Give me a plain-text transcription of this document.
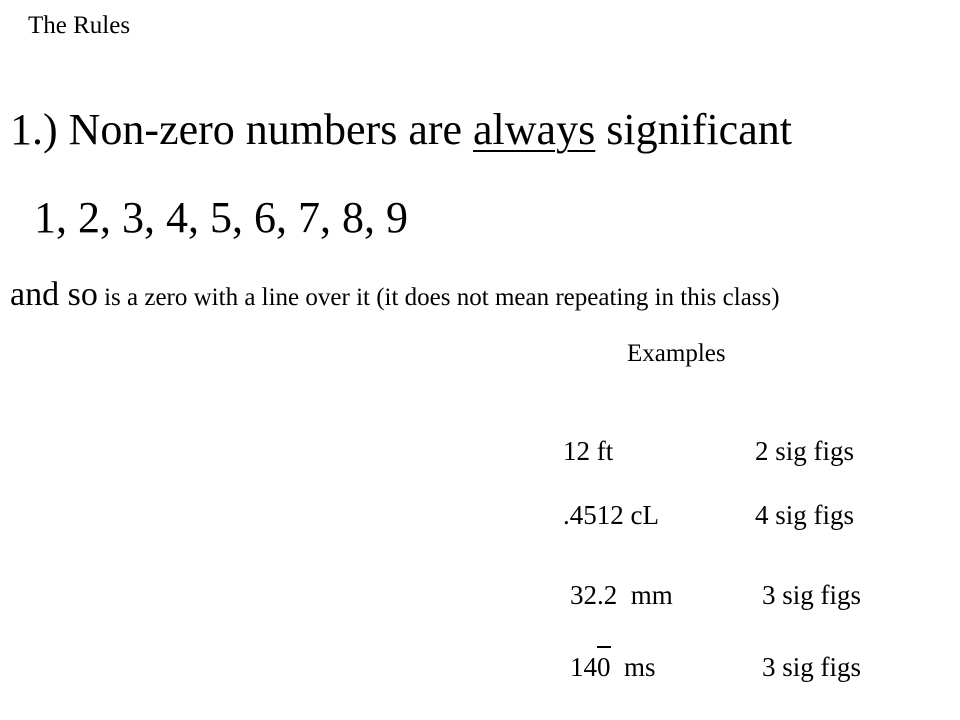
The Rules
1.) Non-zero numbers are always significant
1, 2, 3, 4, 5, 6, 7, 8, 9
and so is a zero with a line over it (it does not mean repeating in this class)
Examples
12 ft	2 sig figs
.4512 cL	4 sig figs
32.2  mm	3 sig figs
140  ms	3 sig figs
